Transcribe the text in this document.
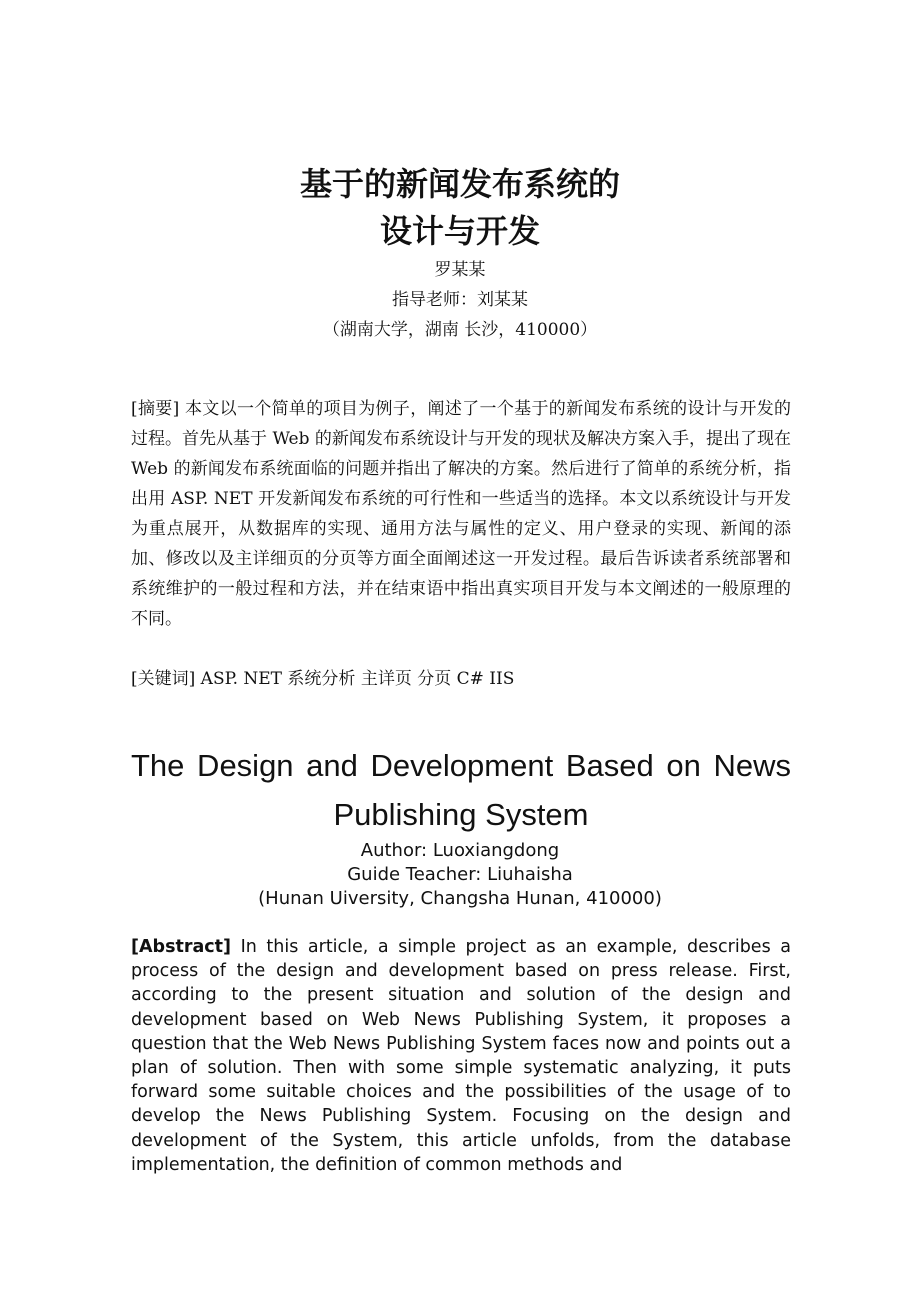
基于的新闻发布系统的
设计与开发
罗某某
指导老师：刘某某
（湖南大学，湖南 长沙，410000）
[摘要] 本文以一个简单的项目为例子，阐述了一个基于的新闻发布系统的设计与开发的过程。首先从基于 Web 的新闻发布系统设计与开发的现状及解决方案入手，提出了现在 Web 的新闻发布系统面临的问题并指出了解决的方案。然后进行了简单的系统分析，指出用 ASP. NET 开发新闻发布系统的可行性和一些适当的选择。本文以系统设计与开发为重点展开，从数据库的实现、通用方法与属性的定义、用户登录的实现、新闻的添加、修改以及主详细页的分页等方面全面阐述这一开发过程。最后告诉读者系统部署和系统维护的一般过程和方法，并在结束语中指出真实项目开发与本文阐述的一般原理的不同。
[关键词] ASP. NET 系统分析 主详页 分页 C# IIS
The Design and Development Based on News
Publishing System
Author: Luoxiangdong
Guide Teacher: Liuhaisha
(Hunan Uiversity, Changsha Hunan, 410000)
[Abstract] In this article, a simple project as an example, describes a process of the design and development based on press release. First, according to the present situation and solution of the design and development based on Web News Publishing System, it proposes a question that the Web News Publishing System faces now and points out a plan of solution. Then with some simple systematic analyzing, it puts forward some suitable choices and the possibilities of the usage of to develop the News Publishing System. Focusing on the design and development of the System, this article unfolds, from the database implementation, the definition of common methods and
